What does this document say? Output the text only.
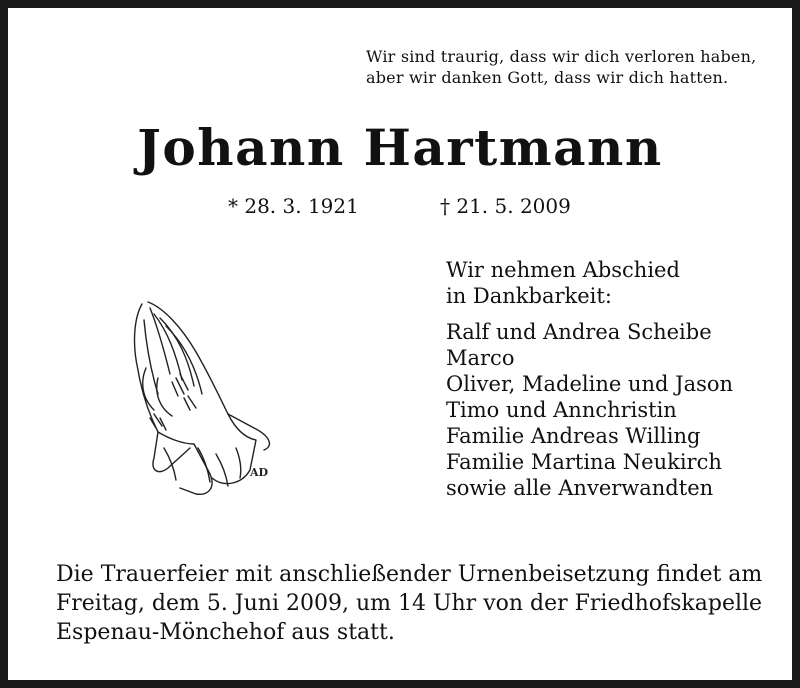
Wir sind traurig, dass wir dich verloren haben,
aber wir danken Gott, dass wir dich hatten.
Johann Hartmann
* 28. 3. 1921	† 21. 5. 2009
AD
Wir nehmen Abschied
in Dankbarkeit:
Ralf und Andrea Scheibe
Marco
Oliver, Madeline und Jason
Timo und Annchristin
Familie Andreas Willing
Familie Martina Neukirch
sowie alle Anverwandten
Die Trauerfeier mit anschließender Urnenbeisetzung findet am
Freitag, dem 5. Juni 2009, um 14 Uhr von der Friedhofskapelle
Espenau-Mönchehof aus statt.
